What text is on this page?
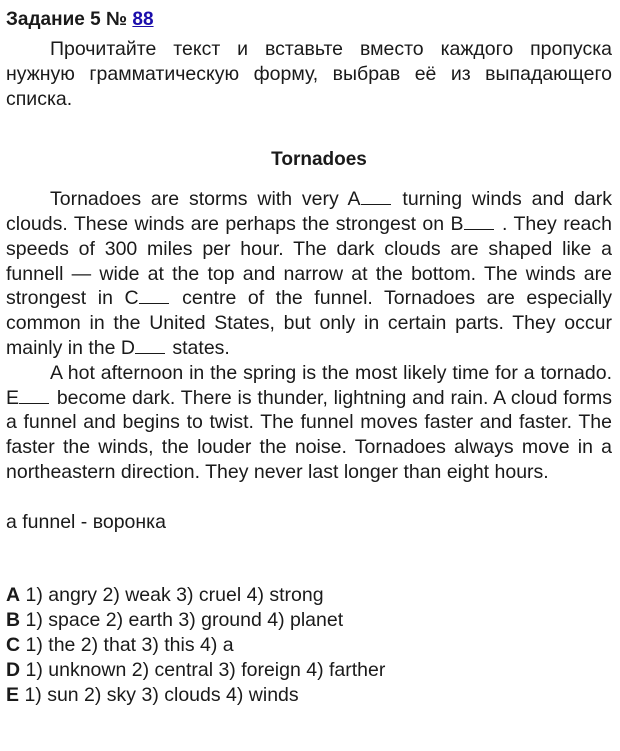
Задание 5 № 88

Прочитайте текст и вставьте вместо каждого пропуска нужную грамматическую форму, выбрав её из выпадающего списка.

Tornadoes

Tornadoes are storms with very A turning winds and dark clouds. These winds are perhaps the strongest on B . They reach speeds of 300 miles per hour. The dark clouds are shaped like a funnell — wide at the top and narrow at the bottom. The winds are strongest in C centre of the funnel. Tornadoes are especially common in the United States, but only in certain parts. They occur mainly in the D states.

A hot afternoon in the spring is the most likely time for a tornado. E become dark. There is thunder, lightning and rain. A cloud forms a funnel and begins to twist. The funnel moves faster and faster. The faster the winds, the louder the noise. Tornadoes always move in a northeastern direction. They never last longer than eight hours.

a funnel - воронка
A 1) angry 2) weak 3) cruel 4) strong
B 1) space 2) earth 3) ground 4) planet
C 1) the 2) that 3) this 4) a
D 1) unknown 2) central 3) foreign 4) farther
E 1) sun 2) sky 3) clouds 4) winds
